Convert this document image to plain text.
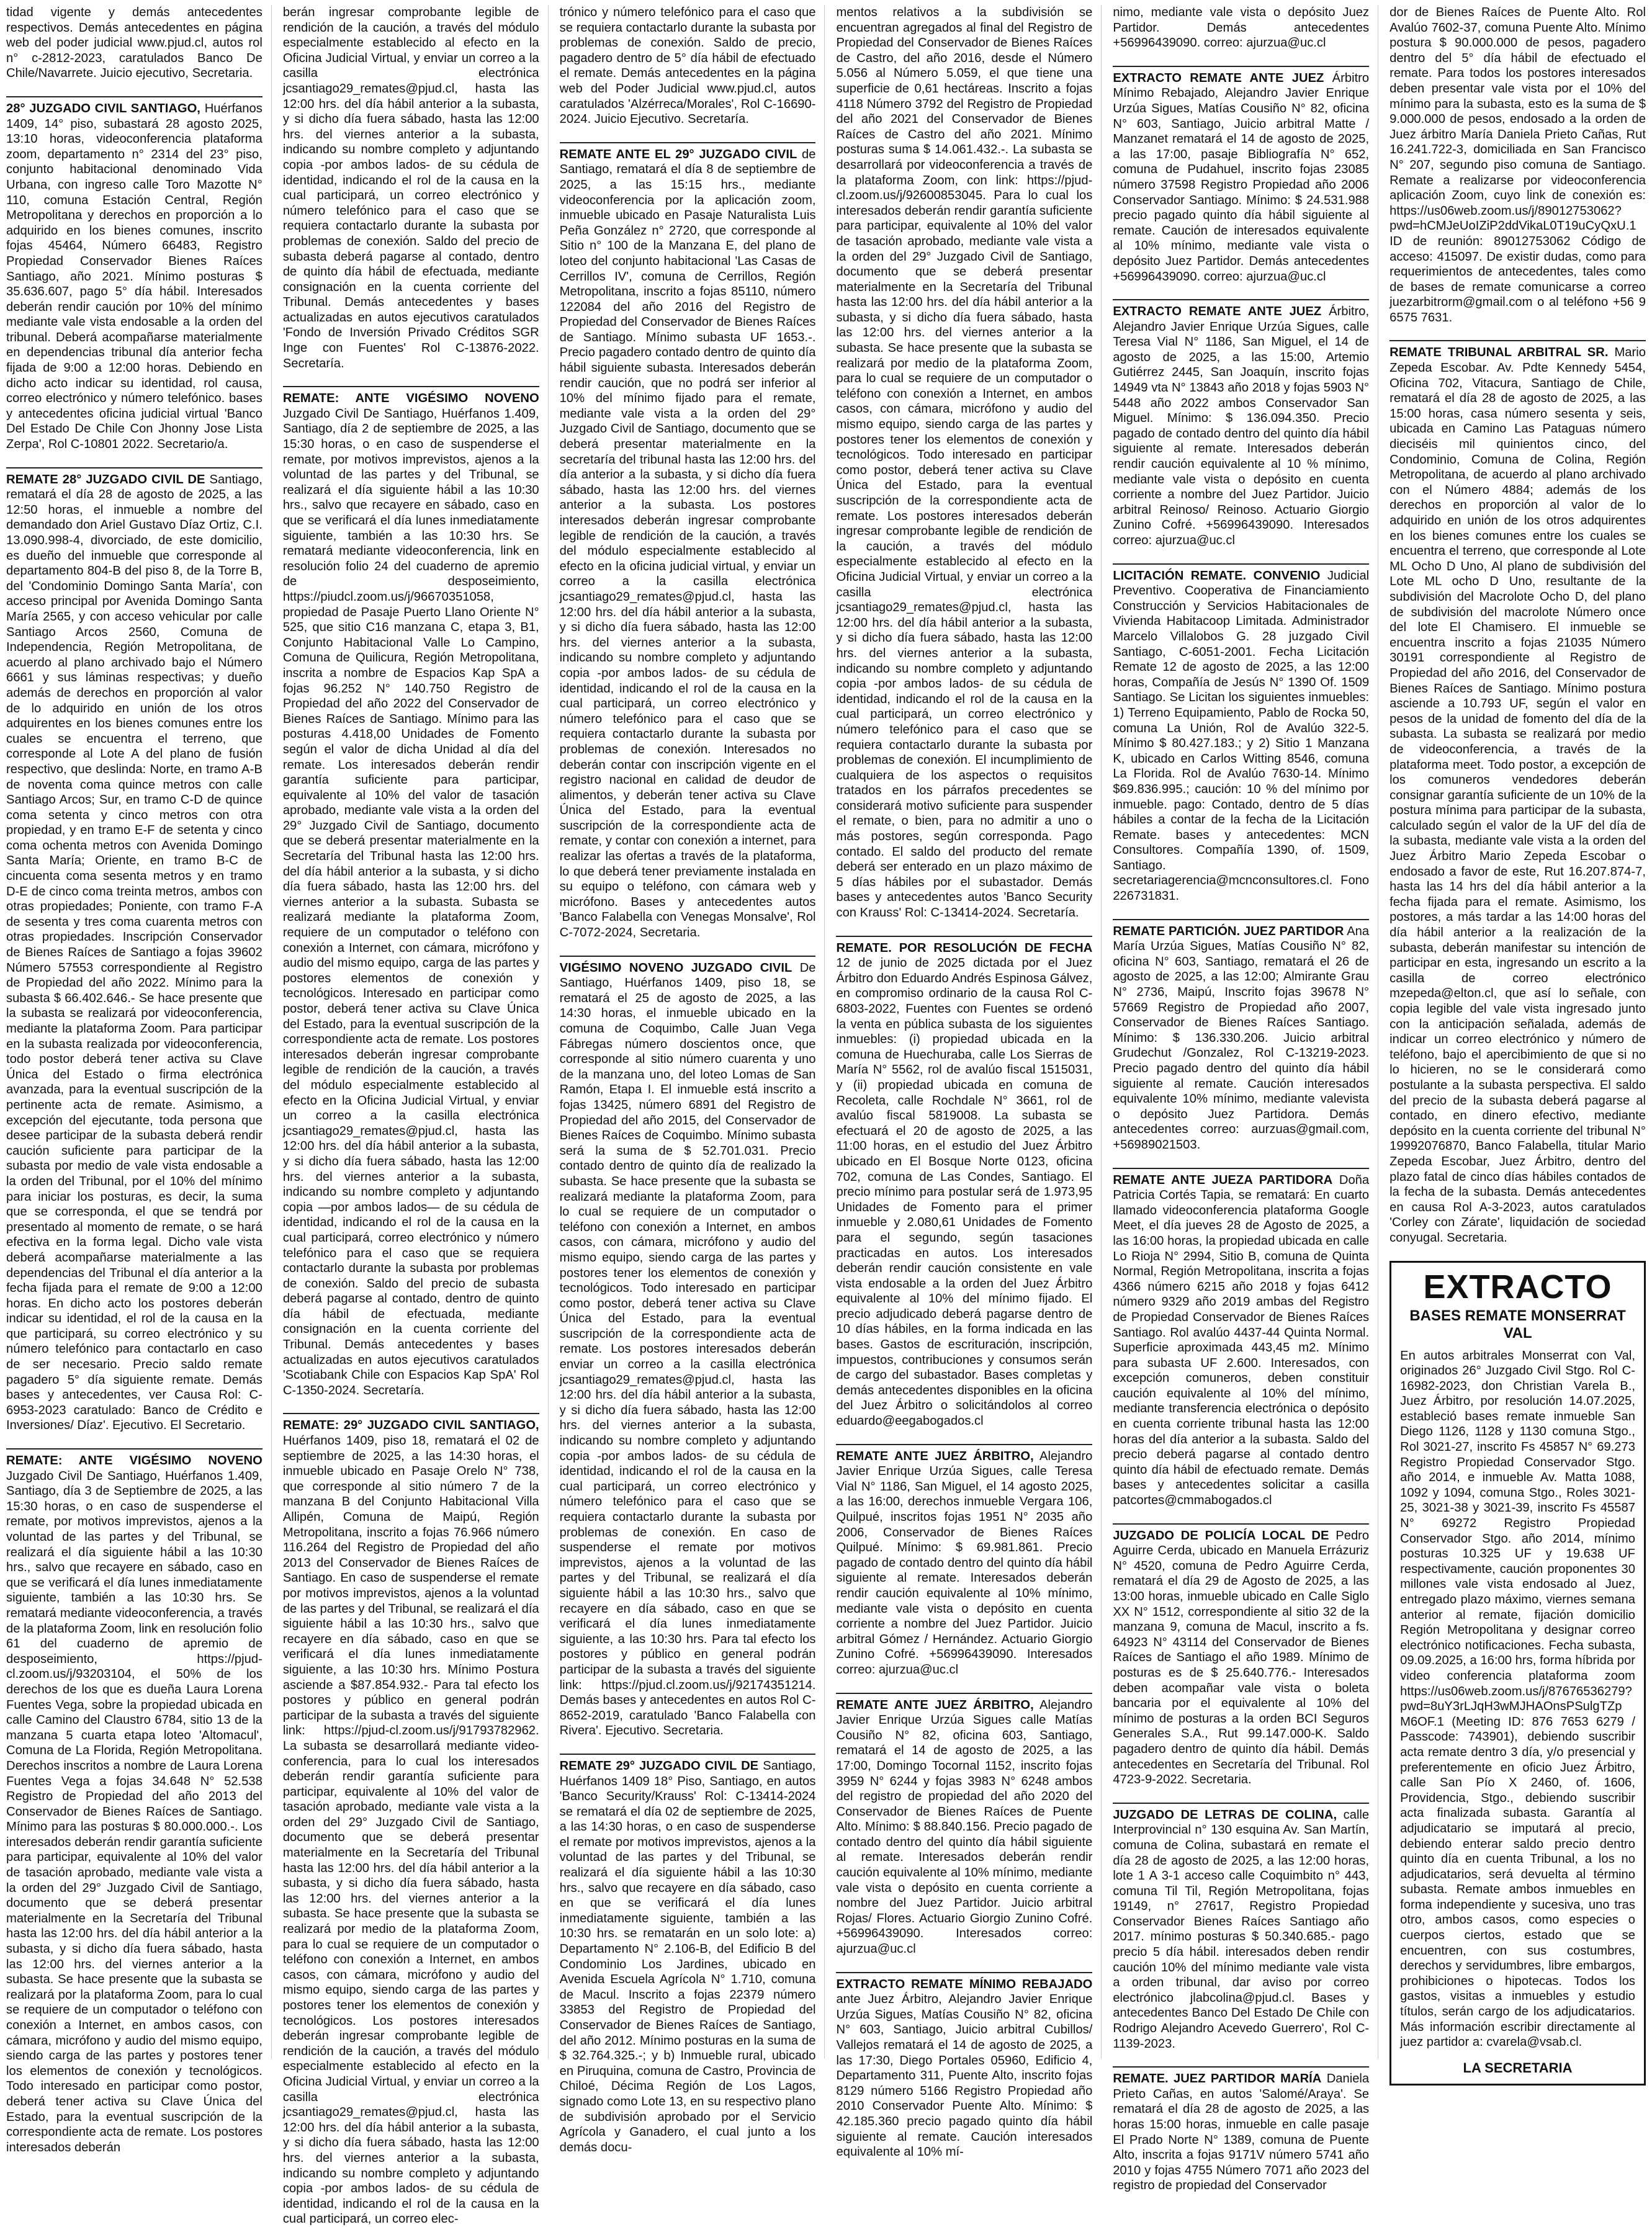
tidad vigente y demás antecedentes respectivos. Demás antecedentes en página web del poder judicial www.pjud.cl, autos rol n° c-2812-2023, caratulados Banco De Chile/Navarrete. Juicio ejecutivo, Secretaria.

28° JUZGADO CIVIL SANTIAGO, Huérfanos 1409, 14° piso, subastará 28 agosto 2025, 13:10 horas, videoconferencia plataforma zoom, departamento n° 2314 del 23° piso, conjunto habitacional denominado Vida Urbana, con ingreso calle Toro Mazotte N° 110, comuna Estación Central, Región Metropolitana y derechos en proporción a lo adquirido en los bienes comunes, inscrito fojas 45464, Número 66483, Registro Propiedad Conservador Bienes Raíces Santiago, año 2021. Mínimo posturas $ 35.636.607, pago 5° día hábil. Interesados deberán rendir caución por 10% del mínimo mediante vale vista endosable a la orden del tribunal. Deberá acompañarse materialmente en dependencias tribunal día anterior fecha fijada de 9:00 a 12:00 horas. Debiendo en dicho acto indicar su identidad, rol causa, correo electrónico y número telefónico. bases y antecedentes oficina judicial virtual 'Banco Del Estado De Chile Con Jhonny Jose Lista Zerpa', Rol C-10801 2022. Secretario/a.

REMATE 28° JUZGADO CIVIL DE Santiago, rematará el día 28 de agosto de 2025, a las 12:50 horas, el inmueble a nombre del demandado don Ariel Gustavo Díaz Ortiz, C.I. 13.090.998-4, divorciado, de este domicilio, es dueño del inmueble que corresponde al departamento 804-B del piso 8, de la Torre B, del 'Condominio Domingo Santa María', con acceso principal por Avenida Domingo Santa María 2565, y con acceso vehicular por calle Santiago Arcos 2560, Comuna de Independencia, Región Metropolitana, de acuerdo al plano archivado bajo el Número 6661 y sus láminas respectivas; y dueño además de derechos en proporción al valor de lo adquirido en unión de los otros adquirentes en los bienes comunes entre los cuales se encuentra el terreno, que corresponde al Lote A del plano de fusión respectivo, que deslinda: Norte, en tramo A-B de noventa coma quince metros con calle Santiago Arcos; Sur, en tramo C-D de quince coma setenta y cinco metros con otra propiedad, y en tramo E-F de setenta y cinco coma ochenta metros con Avenida Domingo Santa María; Oriente, en tramo B-C de cincuenta coma sesenta metros y en tramo D-E de cinco coma treinta metros, ambos con otras propiedades; Poniente, con tramo F-A de sesenta y tres coma cuarenta metros con otras propiedades. Inscripción Conservador de Bienes Raíces de Santiago a fojas 39602 Número 57553 correspondiente al Registro de Propiedad del año 2022. Mínimo para la subasta $ 66.402.646.- Se hace presente que la subasta se realizará por videoconferencia, mediante la plataforma Zoom. Para participar en la subasta realizada por videoconferencia, todo postor deberá tener activa su Clave Única del Estado o firma electrónica avanzada, para la eventual suscripción de la pertinente acta de remate. Asimismo, a excepción del ejecutante, toda persona que desee participar de la subasta deberá rendir caución suficiente para participar de la subasta por medio de vale vista endosable a la orden del Tribunal, por el 10% del mínimo para iniciar los posturas, es decir, la suma que se corresponda, el que se tendrá por presentado al momento de remate, o se hará efectiva en la forma legal. Dicho vale vista deberá acompañarse materialmente a las dependencias del Tribunal el día anterior a la fecha fijada para el remate de 9:00 a 12:00 horas. En dicho acto los postores deberán indicar su identidad, el rol de la causa en la que participará, su correo electrónico y su número telefónico para contactarlo en caso de ser necesario. Precio saldo remate pagadero 5° día siguiente remate. Demás bases y antecedentes, ver Causa Rol: C-6953-2023 caratulado: Banco de Crédito e Inversiones/ Díaz'. Ejecutivo. El Secretario.

REMATE: ANTE VIGÉSIMO NOVENO Juzgado Civil De Santiago, Huérfanos 1.409, Santiago, día 3 de Septiembre de 2025, a las 15:30 horas, o en caso de suspenderse el remate, por motivos imprevistos, ajenos a la voluntad de las partes y del Tribunal, se realizará el día siguiente hábil a las 10:30 hrs., salvo que recayere en sábado, caso en que se verificará el día lunes inmediatamente siguiente, también a las 10:30 hrs. Se rematará mediante videoconferencia, a través de la plataforma Zoom, link en resolución folio 61 del cuaderno de apremio de desposeimiento, https://pjud-cl.zoom.us/j/93203104, el 50% de los derechos de los que es dueña Laura Lorena Fuentes Vega, sobre la propiedad ubicada en calle Camino del Claustro 6784, sitio 13 de la manzana 5 cuarta etapa loteo 'Altomacul', Comuna de La Florida, Región Metropolitana. Derechos inscritos a nombre de Laura Lorena Fuentes Vega a fojas 34.648 N° 52.538 Registro de Propiedad del año 2013 del Conservador de Bienes Raíces de Santiago. Mínimo para las posturas $ 80.000.000.-. Los interesados deberán rendir garantía suficiente para participar, equivalente al 10% del valor de tasación aprobado, mediante vale vista a la orden del 29° Juzgado Civil de Santiago, documento que se deberá presentar materialmente en la Secretaría del Tribunal hasta las 12:00 hrs. del día hábil anterior a la subasta, y si dicho día fuera sábado, hasta las 12:00 hrs. del viernes anterior a la subasta. Se hace presente que la subasta se realizará por la plataforma Zoom, para lo cual se requiere de un computador o teléfono con conexión a Internet, en ambos casos, con cámara, micrófono y audio del mismo equipo, siendo carga de las partes y postores tener los elementos de conexión y tecnológicos. Todo interesado en participar como postor, deberá tener activa su Clave Única del Estado, para la eventual suscripción de la correspondiente acta de remate. Los postores interesados deberán

berán ingresar comprobante legible de rendición de la caución, a través del módulo especialmente establecido al efecto en la Oficina Judicial Virtual, y enviar un correo a la casilla electrónica jcsantiago29_remates@pjud.cl, hasta las 12:00 hrs. del día hábil anterior a la subasta, y si dicho día fuera sábado, hasta las 12:00 hrs. del viernes anterior a la subasta, indicando su nombre completo y adjuntando copia -por ambos lados- de su cédula de identidad, indicando el rol de la causa en la cual participará, un correo electrónico y número telefónico para el caso que se requiera contactarlo durante la subasta por problemas de conexión. Saldo del precio de subasta deberá pagarse al contado, dentro de quinto día hábil de efectuada, mediante consignación en la cuenta corriente del Tribunal. Demás antecedentes y bases actualizadas en autos ejecutivos caratulados 'Fondo de Inversión Privado Créditos SGR Inge con Fuentes' Rol C-13876-2022. Secretaría.

REMATE: ANTE VIGÉSIMO NOVENO Juzgado Civil De Santiago, Huérfanos 1.409, Santiago, día 2 de septiembre de 2025, a las 15:30 horas, o en caso de suspenderse el remate, por motivos imprevistos, ajenos a la voluntad de las partes y del Tribunal, se realizará el día siguiente hábil a las 10:30 hrs., salvo que recayere en sábado, caso en que se verificará el día lunes inmediatamente siguiente, también a las 10:30 hrs. Se rematará mediante videoconferencia, link en resolución folio 24 del cuaderno de apremio de desposeimiento, https://piudcl.zoom.us/j/96670351058, propiedad de Pasaje Puerto Llano Oriente N° 525, que sitio C16 manzana C, etapa 3, B1, Conjunto Habitacional Valle Lo Campino, Comuna de Quilicura, Región Metropolitana, inscrita a nombre de Espacios Kap SpA a fojas 96.252 N° 140.750 Registro de Propiedad del año 2022 del Conservador de Bienes Raíces de Santiago. Mínimo para las posturas 4.418,00 Unidades de Fomento según el valor de dicha Unidad al día del remate. Los interesados deberán rendir garantía suficiente para participar, equivalente al 10% del valor de tasación aprobado, mediante vale vista a la orden del 29° Juzgado Civil de Santiago, documento que se deberá presentar materialmente en la Secretaría del Tribunal hasta las 12:00 hrs. del día hábil anterior a la subasta, y si dicho día fuera sábado, hasta las 12:00 hrs. del viernes anterior a la subasta. Subasta se realizará mediante la plataforma Zoom, requiere de un computador o teléfono con conexión a Internet, con cámara, micrófono y audio del mismo equipo, carga de las partes y postores elementos de conexión y tecnológicos. Interesado en participar como postor, deberá tener activa su Clave Única del Estado, para la eventual suscripción de la correspondiente acta de remate. Los postores interesados deberán ingresar comprobante legible de rendición de la caución, a través del módulo especialmente establecido al efecto en la Oficina Judicial Virtual, y enviar un correo a la casilla electrónica jcsantiago29_remates@pjud.cl, hasta las 12:00 hrs. del día hábil anterior a la subasta, y si dicho día fuera sábado, hasta las 12:00 hrs. del viernes anterior a la subasta, indicando su nombre completo y adjuntando copia —por ambos lados— de su cédula de identidad, indicando el rol de la causa en la cual participará, correo electrónico y número telefónico para el caso que se requiera contactarlo durante la subasta por problemas de conexión. Saldo del precio de subasta deberá pagarse al contado, dentro de quinto día hábil de efectuada, mediante consignación en la cuenta corriente del Tribunal. Demás antecedentes y bases actualizadas en autos ejecutivos caratulados 'Scotiabank Chile con Espacios Kap SpA' Rol C-1350-2024. Secretaría.

REMATE: 29° JUZGADO CIVIL SANTIAGO, Huérfanos 1409, piso 18, rematará el 02 de septiembre de 2025, a las 14:30 horas, el inmueble ubicado en Pasaje Orelo N° 738, que corresponde al sitio número 7 de la manzana B del Conjunto Habitacional Villa Allipén, Comuna de Maipú, Región Metropolitana, inscrito a fojas 76.966 número 116.264 del Registro de Propiedad del año 2013 del Conservador de Bienes Raíces de Santiago. En caso de suspenderse el remate por motivos imprevistos, ajenos a la voluntad de las partes y del Tribunal, se realizará el día siguiente hábil a las 10:30 hrs., salvo que recayere en día sábado, caso en que se verificará el día lunes inmediatamente siguiente, a las 10:30 hrs. Mínimo Postura asciende a $87.854.932.- Para tal efecto los postores y público en general podrán participar de la subasta a través del siguiente link: https://pjud-cl.zoom.us/j/91793782962. La subasta se desarrollará mediante video-conferencia, para lo cual los interesados deberán rendir garantía suficiente para participar, equivalente al 10% del valor de tasación aprobado, mediante vale vista a la orden del 29° Juzgado Civil de Santiago, documento que se deberá presentar materialmente en la Secretaría del Tribunal hasta las 12:00 hrs. del día hábil anterior a la subasta, y si dicho día fuera sábado, hasta las 12:00 hrs. del viernes anterior a la subasta. Se hace presente que la subasta se realizará por medio de la plataforma Zoom, para lo cual se requiere de un computador o teléfono con conexión a Internet, en ambos casos, con cámara, micrófono y audio del mismo equipo, siendo carga de las partes y postores tener los elementos de conexión y tecnológicos. Los postores interesados deberán ingresar comprobante legible de rendición de la caución, a través del módulo especialmente establecido al efecto en la Oficina Judicial Virtual, y enviar un correo a la casilla electrónica jcsantiago29_remates@pjud.cl, hasta las 12:00 hrs. del día hábil anterior a la subasta, y si dicho día fuera sábado, hasta las 12:00 hrs. del viernes anterior a la subasta, indicando su nombre completo y adjuntando copia -por ambos lados- de su cédula de identidad, indicando el rol de la causa en la cual participará, un correo elec-

trónico y número telefónico para el caso que se requiera contactarlo durante la subasta por problemas de conexión. Saldo de precio, pagadero dentro de 5° día hábil de efectuado el remate. Demás antecedentes en la página web del Poder Judicial www.pjud.cl, autos caratulados 'Alzérreca/Morales', Rol C-16690-2024. Juicio Ejecutivo. Secretaría.

REMATE ANTE EL 29° JUZGADO CIVIL de Santiago, rematará el día 8 de septiembre de 2025, a las 15:15 hrs., mediante videoconferencia por la aplicación zoom, inmueble ubicado en Pasaje Naturalista Luis Peña González n° 2720, que corresponde al Sitio n° 100 de la Manzana E, del plano de loteo del conjunto habitacional 'Las Casas de Cerrillos IV', comuna de Cerrillos, Región Metropolitana, inscrito a fojas 85110, número 122084 del año 2016 del Registro de Propiedad del Conservador de Bienes Raíces de Santiago. Mínimo subasta UF 1653.-. Precio pagadero contado dentro de quinto día hábil siguiente subasta. Interesados deberán rendir caución, que no podrá ser inferior al 10% del mínimo fijado para el remate, mediante vale vista a la orden del 29° Juzgado Civil de Santiago, documento que se deberá presentar materialmente en la secretaría del tribunal hasta las 12:00 hrs. del día anterior a la subasta, y si dicho día fuera sábado, hasta las 12:00 hrs. del viernes anterior a la subasta. Los postores interesados deberán ingresar comprobante legible de rendición de la caución, a través del módulo especialmente establecido al efecto en la oficina judicial virtual, y enviar un correo a la casilla electrónica jcsantiago29_remates@pjud.cl, hasta las 12:00 hrs. del día hábil anterior a la subasta, y si dicho día fuera sábado, hasta las 12:00 hrs. del viernes anterior a la subasta, indicando su nombre completo y adjuntando copia -por ambos lados- de su cédula de identidad, indicando el rol de la causa en la cual participará, un correo electrónico y número telefónico para el caso que se requiera contactarlo durante la subasta por problemas de conexión. Interesados no deberán contar con inscripción vigente en el registro nacional en calidad de deudor de alimentos, y deberán tener activa su Clave Única del Estado, para la eventual suscripción de la correspondiente acta de remate, y contar con conexión a internet, para realizar las ofertas a través de la plataforma, lo que deberá tener previamente instalada en su equipo o teléfono, con cámara web y micrófono. Bases y antecedentes autos 'Banco Falabella con Venegas Monsalve', Rol C-7072-2024, Secretaria.

VIGÉSIMO NOVENO JUZGADO CIVIL De Santiago, Huérfanos 1409, piso 18, se rematará el 25 de agosto de 2025, a las 14:30 horas, el inmueble ubicado en la comuna de Coquimbo, Calle Juan Vega Fábregas número doscientos once, que corresponde al sitio número cuarenta y uno de la manzana uno, del loteo Lomas de San Ramón, Etapa I. El inmueble está inscrito a fojas 13425, número 6891 del Registro de Propiedad del año 2015, del Conservador de Bienes Raíces de Coquimbo. Mínimo subasta será la suma de $ 52.701.031. Precio contado dentro de quinto día de realizado la subasta. Se hace presente que la subasta se realizará mediante la plataforma Zoom, para lo cual se requiere de un computador o teléfono con conexión a Internet, en ambos casos, con cámara, micrófono y audio del mismo equipo, siendo carga de las partes y postores tener los elementos de conexión y tecnológicos. Todo interesado en participar como postor, deberá tener activa su Clave Única del Estado, para la eventual suscripción de la correspondiente acta de remate. Los postores interesados deberán enviar un correo a la casilla electrónica jcsantiago29_remates@pjud.cl, hasta las 12:00 hrs. del día hábil anterior a la subasta, y si dicho día fuera sábado, hasta las 12:00 hrs. del viernes anterior a la subasta, indicando su nombre completo y adjuntando copia -por ambos lados- de su cédula de identidad, indicando el rol de la causa en la cual participará, un correo electrónico y número telefónico para el caso que se requiera contactarlo durante la subasta por problemas de conexión. En caso de suspenderse el remate por motivos imprevistos, ajenos a la voluntad de las partes y del Tribunal, se realizará el día siguiente hábil a las 10:30 hrs., salvo que recayere en día sábado, caso en que se verificará el día lunes inmediatamente siguiente, a las 10:30 hrs. Para tal efecto los postores y público en general podrán participar de la subasta a través del siguiente link: https://pjud.cl.zoom.us/j/92174351214. Demás bases y antecedentes en autos Rol C-8652-2019, caratulado 'Banco Falabella con Rivera'. Ejecutivo. Secretaria.

REMATE 29° JUZGADO CIVIL DE Santiago, Huérfanos 1409 18° Piso, Santiago, en autos 'Banco Security/Krauss' Rol: C-13414-2024 se rematará el día 02 de septiembre de 2025, a las 14:30 horas, o en caso de suspenderse el remate por motivos imprevistos, ajenos a la voluntad de las partes y del Tribunal, se realizará el día siguiente hábil a las 10:30 hrs., salvo que recayere en día sábado, caso en que se verificará el día lunes inmediatamente siguiente, también a las 10:30 hrs. se rematarán en un solo lote: a) Departamento N° 2.106-B, del Edificio B del Condominio Los Jardines, ubicado en Avenida Escuela Agrícola N° 1.710, comuna de Macul. Inscrito a fojas 22379 número 33853 del Registro de Propiedad del Conservador de Bienes Raíces de Santiago, del año 2012. Mínimo posturas en la suma de $ 32.764.325.-; y b) Inmueble rural, ubicado en Piruquina, comuna de Castro, Provincia de Chiloé, Décima Región de Los Lagos, signado como Lote 13, en su respectivo plano de subdivisión aprobado por el Servicio Agrícola y Ganadero, el cual junto a los demás docu-

mentos relativos a la subdivisión se encuentran agregados al final del Registro de Propiedad del Conservador de Bienes Raíces de Castro, del año 2016, desde el Número 5.056 al Número 5.059, el que tiene una superficie de 0,61 hectáreas. Inscrito a fojas 4118 Número 3792 del Registro de Propiedad del año 2021 del Conservador de Bienes Raíces de Castro del año 2021. Mínimo posturas suma $ 14.061.432.-. La subasta se desarrollará por videoconferencia a través de la plataforma Zoom, con link: https://pjud-cl.zoom.us/j/92600853045. Para lo cual los interesados deberán rendir garantía suficiente para participar, equivalente al 10% del valor de tasación aprobado, mediante vale vista a la orden del 29° Juzgado Civil de Santiago, documento que se deberá presentar materialmente en la Secretaría del Tribunal hasta las 12:00 hrs. del día hábil anterior a la subasta, y si dicho día fuera sábado, hasta las 12:00 hrs. del viernes anterior a la subasta. Se hace presente que la subasta se realizará por medio de la plataforma Zoom, para lo cual se requiere de un computador o teléfono con conexión a Internet, en ambos casos, con cámara, micrófono y audio del mismo equipo, siendo carga de las partes y postores tener los elementos de conexión y tecnológicos. Todo interesado en participar como postor, deberá tener activa su Clave Única del Estado, para la eventual suscripción de la correspondiente acta de remate. Los postores interesados deberán ingresar comprobante legible de rendición de la caución, a través del módulo especialmente establecido al efecto en la Oficina Judicial Virtual, y enviar un correo a la casilla electrónica jcsantiago29_remates@pjud.cl, hasta las 12:00 hrs. del día hábil anterior a la subasta, y si dicho día fuera sábado, hasta las 12:00 hrs. del viernes anterior a la subasta, indicando su nombre completo y adjuntando copia -por ambos lados- de su cédula de identidad, indicando el rol de la causa en la cual participará, un correo electrónico y número telefónico para el caso que se requiera contactarlo durante la subasta por problemas de conexión. El incumplimiento de cualquiera de los aspectos o requisitos tratados en los párrafos precedentes se considerará motivo suficiente para suspender el remate, o bien, para no admitir a uno o más postores, según corresponda. Pago contado. El saldo del producto del remate deberá ser enterado en un plazo máximo de 5 días hábiles por el subastador. Demás bases y antecedentes autos 'Banco Security con Krauss' Rol: C-13414-2024. Secretaría.

REMATE. POR RESOLUCIÓN DE FECHA 12 de junio de 2025 dictada por el Juez Árbitro don Eduardo Andrés Espinosa Gálvez, en compromiso ordinario de la causa Rol C-6803-2022, Fuentes con Fuentes se ordenó la venta en pública subasta de los siguientes inmuebles: (i) propiedad ubicada en la comuna de Huechuraba, calle Los Sierras de María N° 5562, rol de avalúo fiscal 1515031, y (ii) propiedad ubicada en comuna de Recoleta, calle Rochdale N° 3661, rol de avalúo fiscal 5819008. La subasta se efectuará el 20 de agosto de 2025, a las 11:00 horas, en el estudio del Juez Árbitro ubicado en El Bosque Norte 0123, oficina 702, comuna de Las Condes, Santiago. El precio mínimo para postular será de 1.973,95 Unidades de Fomento para el primer inmueble y 2.080,61 Unidades de Fomento para el segundo, según tasaciones practicadas en autos. Los interesados deberán rendir caución consistente en vale vista endosable a la orden del Juez Árbitro equivalente al 10% del mínimo fijado. El precio adjudicado deberá pagarse dentro de 10 días hábiles, en la forma indicada en las bases. Gastos de escrituración, inscripción, impuestos, contribuciones y consumos serán de cargo del subastador. Bases completas y demás antecedentes disponibles en la oficina del Juez Árbitro o solicitándolos al correo eduardo@eegabogados.cl

REMATE ANTE JUEZ ÁRBITRO, Alejandro Javier Enrique Urzúa Sigues, calle Teresa Vial N° 1186, San Miguel, el 14 agosto 2025, a las 16:00, derechos inmueble Vergara 106, Quilpué, inscritos fojas 1951 N° 2035 año 2006, Conservador de Bienes Raíces Quilpué. Mínimo: $ 69.981.861. Precio pagado de contado dentro del quinto día hábil siguiente al remate. Interesados deberán rendir caución equivalente al 10% mínimo, mediante vale vista o depósito en cuenta corriente a nombre del Juez Partidor. Juicio arbitral Gómez / Hernández. Actuario Giorgio Zunino Cofré. +56996439090. Interesados correo: ajurzua@uc.cl

REMATE ANTE JUEZ ÁRBITRO, Alejandro Javier Enrique Urzúa Sigues calle Matías Cousiño N° 82, oficina 603, Santiago, rematará el 14 de agosto de 2025, a las 17:00, Domingo Tocornal 1152, inscrito fojas 3959 N° 6244 y fojas 3983 N° 6248 ambos del registro de propiedad del año 2020 del Conservador de Bienes Raíces de Puente Alto. Mínimo: $ 88.840.156. Precio pagado de contado dentro del quinto día hábil siguiente al remate. Interesados deberán rendir caución equivalente al 10% mínimo, mediante vale vista o depósito en cuenta corriente a nombre del Juez Partidor. Juicio arbitral Rojas/ Flores. Actuario Giorgio Zunino Cofré. +56996439090. Interesados correo: ajurzua@uc.cl

EXTRACTO REMATE MÍNIMO REBAJADO ante Juez Árbitro, Alejandro Javier Enrique Urzúa Sigues, Matías Cousiño N° 82, oficina N° 603, Santiago, Juicio arbitral Cubillos/ Vallejos rematará el 14 de agosto de 2025, a las 17:30, Diego Portales 05960, Edificio 4, Departamento 311, Puente Alto, inscrito fojas 8129 número 5166 Registro Propiedad año 2010 Conservador Puente Alto. Mínimo: $ 42.185.360 precio pagado quinto día hábil siguiente al remate. Caución interesados equivalente al 10% mí-

nimo, mediante vale vista o depósito Juez Partidor. Demás antecedentes +56996439090. correo: ajurzua@uc.cl

EXTRACTO REMATE ANTE JUEZ Árbitro Mínimo Rebajado, Alejandro Javier Enrique Urzúa Sigues, Matías Cousiño N° 82, oficina N° 603, Santiago, Juicio arbitral Matte / Manzanet rematará el 14 de agosto de 2025, a las 17:00, pasaje Bibliografía N° 652, comuna de Pudahuel, inscrito fojas 23085 número 37598 Registro Propiedad año 2006 Conservador Santiago. Mínimo: $ 24.531.988 precio pagado quinto día hábil siguiente al remate. Caución de interesados equivalente al 10% mínimo, mediante vale vista o depósito Juez Partidor. Demás antecedentes +56996439090. correo: ajurzua@uc.cl

EXTRACTO REMATE ANTE JUEZ Árbitro, Alejandro Javier Enrique Urzúa Sigues, calle Teresa Vial N° 1186, San Miguel, el 14 de agosto de 2025, a las 15:00, Artemio Gutiérrez 2445, San Joaquín, inscrito fojas 14949 vta N° 13843 año 2018 y fojas 5903 N° 5448 año 2022 ambos Conservador San Miguel. Mínimo: $ 136.094.350. Precio pagado de contado dentro del quinto día hábil siguiente al remate. Interesados deberán rendir caución equivalente al 10 % mínimo, mediante vale vista o depósito en cuenta corriente a nombre del Juez Partidor. Juicio arbitral Reinoso/ Reinoso. Actuario Giorgio Zunino Cofré. +56996439090. Interesados correo: ajurzua@uc.cl

LICITACIÓN REMATE. CONVENIO Judicial Preventivo. Cooperativa de Financiamiento Construcción y Servicios Habitacionales de Vivienda Habitacoop Limitada. Administrador Marcelo Villalobos G. 28 juzgado Civil Santiago, C-6051-2001. Fecha Licitación Remate 12 de agosto de 2025, a las 12:00 horas, Compañía de Jesús N° 1390 Of. 1509 Santiago. Se Licitan los siguientes inmuebles: 1) Terreno Equipamiento, Pablo de Rocka 50, comuna La Unión, Rol de Avalúo 322-5. Mínimo $ 80.427.183.; y 2) Sitio 1 Manzana K, ubicado en Carlos Witting 8546, comuna La Florida. Rol de Avalúo 7630-14. Mínimo $69.836.995.; caución: 10 % del mínimo por inmueble. pago: Contado, dentro de 5 días hábiles a contar de la fecha de la Licitación Remate. bases y antecedentes: MCN Consultores. Compañía 1390, of. 1509, Santiago. secretariagerencia@mcnconsultores.cl. Fono 226731831.

REMATE PARTICIÓN. JUEZ PARTIDOR Ana María Urzúa Sigues, Matías Cousiño N° 82, oficina N° 603, Santiago, rematará el 26 de agosto de 2025, a las 12:00; Almirante Grau N° 2736, Maipú, Inscrito fojas 39678 N° 57669 Registro de Propiedad año 2007, Conservador de Bienes Raíces Santiago. Mínimo: $ 136.330.206. Juicio arbitral Grudechut /Gonzalez, Rol C-13219-2023. Precio pagado dentro del quinto día hábil siguiente al remate. Caución interesados equivalente 10% mínimo, mediante valevista o depósito Juez Partidora. Demás antecedentes correo: aurzuas@gmail.com, +56989021503.

REMATE ANTE JUEZA PARTIDORA Doña Patricia Cortés Tapia, se rematará: En cuarto llamado videoconferencia plataforma Google Meet, el día jueves 28 de Agosto de 2025, a las 16:00 horas, la propiedad ubicada en calle Lo Rioja N° 2994, Sitio B, comuna de Quinta Normal, Región Metropolitana, inscrita a fojas 4366 número 6215 año 2018 y fojas 6412 número 9329 año 2019 ambas del Registro de Propiedad Conservador de Bienes Raíces Santiago. Rol avalúo 4437-44 Quinta Normal. Superficie aproximada 443,45 m2. Mínimo para subasta UF 2.600. Interesados, con excepción comuneros, deben constituir caución equivalente al 10% del mínimo, mediante transferencia electrónica o depósito en cuenta corriente tribunal hasta las 12:00 horas del día anterior a la subasta. Saldo del precio deberá pagarse al contado dentro quinto día hábil de efectuado remate. Demás bases y antecedentes solicitar a casilla patcortes@cmmabogados.cl

JUZGADO DE POLICÍA LOCAL DE Pedro Aguirre Cerda, ubicado en Manuela Errázuriz N° 4520, comuna de Pedro Aguirre Cerda, rematará el día 29 de Agosto de 2025, a las 13:00 horas, inmueble ubicado en Calle Siglo XX N° 1512, correspondiente al sitio 32 de la manzana 9, comuna de Macul, inscrito a fs. 64923 N° 43114 del Conservador de Bienes Raíces de Santiago el año 1989. Mínimo de posturas es de $ 25.640.776.- Interesados deben acompañar vale vista o boleta bancaria por el equivalente al 10% del mínimo de posturas a la orden BCI Seguros Generales S.A., Rut 99.147.000-K. Saldo pagadero dentro de quinto día hábil. Demás antecedentes en Secretaría del Tribunal. Rol 4723-9-2022. Secretaria.

JUZGADO DE LETRAS DE COLINA, calle Interprovincial n° 130 esquina Av. San Martín, comuna de Colina, subastará en remate el día 28 de agosto de 2025, a las 12:00 horas, lote 1 A 3-1 acceso calle Coquimbito n° 443, comuna Til Til, Región Metropolitana, fojas 19149, n° 27617, Registro Propiedad Conservador Bienes Raíces Santiago año 2017. mínimo posturas $ 50.340.685.- pago precio 5 día hábil. interesados deben rendir caución 10% del mínimo mediante vale vista a orden tribunal, dar aviso por correo electrónico jlabcolina@pjud.cl. Bases y antecedentes Banco Del Estado De Chile con Rodrigo Alejandro Acevedo Guerrero', Rol C-1139-2023.

REMATE. JUEZ PARTIDOR MARÍA Daniela Prieto Cañas, en autos 'Salomé/Araya'. Se rematará el día 28 de agosto de 2025, a las horas 15:00 horas, inmueble en calle pasaje El Prado Norte N° 1389, comuna de Puente Alto, inscrita a fojas 9171V número 5741 año 2010 y fojas 4755 Número 7071 año 2023 del registro de propiedad del Conservador

dor de Bienes Raíces de Puente Alto. Rol Avalúo 7602-37, comuna Puente Alto. Mínimo postura $ 90.000.000 de pesos, pagadero dentro del 5° día hábil de efectuado el remate. Para todos los postores interesados deben presentar vale vista por el 10% del mínimo para la subasta, esto es la suma de $ 9.000.000 de pesos, endosado a la orden de Juez árbitro María Daniela Prieto Cañas, Rut 16.241.722-3, domiciliada en San Francisco N° 207, segundo piso comuna de Santiago. Remate a realizarse por videoconferencia aplicación Zoom, cuyo link de conexión es: https://us06web.zoom.us/j/89012753062?pwd=hCMJeUoIZiP2ddVikaL0T19uCyQxU.1 ID de reunión: 89012753062 Código de acceso: 415097. De existir dudas, como para requerimientos de antecedentes, tales como de bases de remate comunicarse a correo juezarbitrorm@gmail.com o al teléfono +56 9 6575 7631.

REMATE TRIBUNAL ARBITRAL SR. Mario Zepeda Escobar. Av. Pdte Kennedy 5454, Oficina 702, Vitacura, Santiago de Chile, rematará el día 28 de agosto de 2025, a las 15:00 horas, casa número sesenta y seis, ubicada en Camino Las Pataguas número dieciséis mil quinientos cinco, del Condominio, Comuna de Colina, Región Metropolitana, de acuerdo al plano archivado con el Número 4884; además de los derechos en proporción al valor de lo adquirido en unión de los otros adquirentes en los bienes comunes entre los cuales se encuentra el terreno, que corresponde al Lote ML Ocho D Uno, Al plano de subdivisión del Lote ML ocho D Uno, resultante de la subdivisión del Macrolote Ocho D, del plano de subdivisión del macrolote Número once del lote El Chamisero. El inmueble se encuentra inscrito a fojas 21035 Número 30191 correspondiente al Registro de Propiedad del año 2016, del Conservador de Bienes Raíces de Santiago. Mínimo postura asciende a 10.793 UF, según el valor en pesos de la unidad de fomento del día de la subasta. La subasta se realizará por medio de videoconferencia, a través de la plataforma meet. Todo postor, a excepción de los comuneros vendedores deberán consignar garantía suficiente de un 10% de la postura mínima para participar de la subasta, calculado según el valor de la UF del día de la subasta, mediante vale vista a la orden del Juez Árbitro Mario Zepeda Escobar o endosado a favor de este, Rut 16.207.874-7, hasta las 14 hrs del día hábil anterior a la fecha fijada para el remate. Asimismo, los postores, a más tardar a las 14:00 horas del día hábil anterior a la realización de la subasta, deberán manifestar su intención de participar en esta, ingresando un escrito a la casilla de correo electrónico mzepeda@elton.cl, que así lo señale, con copia legible del vale vista ingresado junto con la anticipación señalada, además de indicar un correo electrónico y número de teléfono, bajo el apercibimiento de que si no lo hicieren, no se le considerará como postulante a la subasta perspectiva. El saldo del precio de la subasta deberá pagarse al contado, en dinero efectivo, mediante depósito en la cuenta corriente del tribunal N° 19992076870, Banco Falabella, titular Mario Zepeda Escobar, Juez Árbitro, dentro del plazo fatal de cinco días hábiles contados de la fecha de la subasta. Demás antecedentes en causa Rol A-3-2023, autos caratulados 'Corley con Zárate', liquidación de sociedad conyugal. Secretaria.

EXTRACTO
BASES REMATE MONSERRAT VAL
En autos arbitrales Monserrat con Val, originados 26° Juzgado Civil Stgo. Rol C-16982-2023, don Christian Varela B., Juez Árbitro, por resolución 14.07.2025, estableció bases remate inmueble San Diego 1126, 1128 y 1130 comuna Stgo., Rol 3021-27, inscrito Fs 45857 N° 69.273 Registro Propiedad Conservador Stgo. año 2014, e inmueble Av. Matta 1088, 1092 y 1094, comuna Stgo., Roles 3021-25, 3021-38 y 3021-39, inscrito Fs 45587 N° 69272 Registro Propiedad Conservador Stgo. año 2014, mínimo posturas 10.325 UF y 19.638 UF respectivamente, caución proponentes 30 millones vale vista endosado al Juez, entregado plazo máximo, viernes semana anterior al remate, fijación domicilio Región Metropolitana y designar correo electrónico notificaciones. Fecha subasta, 09.09.2025, a 16:00 hrs, forma híbrida por video conferencia plataforma zoom https://us06web.zoom.us/j/87676536279?pwd=8uY3rLJqH3wMJHAOnsPSulgTZp M6OF.1 (Meeting ID: 876 7653 6279 / Passcode: 743901), debiendo suscribir acta remate dentro 3 día, y/o presencial y preferentemente en oficio Juez Árbitro, calle San Pío X 2460, of. 1606, Providencia, Stgo., debiendo suscribir acta finalizada subasta. Garantía al adjudicatario se imputará al precio, debiendo enterar saldo precio dentro quinto día en cuenta Tribunal, a los no adjudicatarios, será devuelta al término subasta. Remate ambos inmuebles en forma independiente y sucesiva, uno tras otro, ambos casos, como especies o cuerpos ciertos, estado que se encuentren, con sus costumbres, derechos y servidumbres, libre embargos, prohibiciones o hipotecas. Todos los gastos, visitas a inmuebles y estudio títulos, serán cargo de los adjudicatarios. Más información escribir directamente al juez partidor a: cvarela@vsab.cl.
LA SECRETARIA
